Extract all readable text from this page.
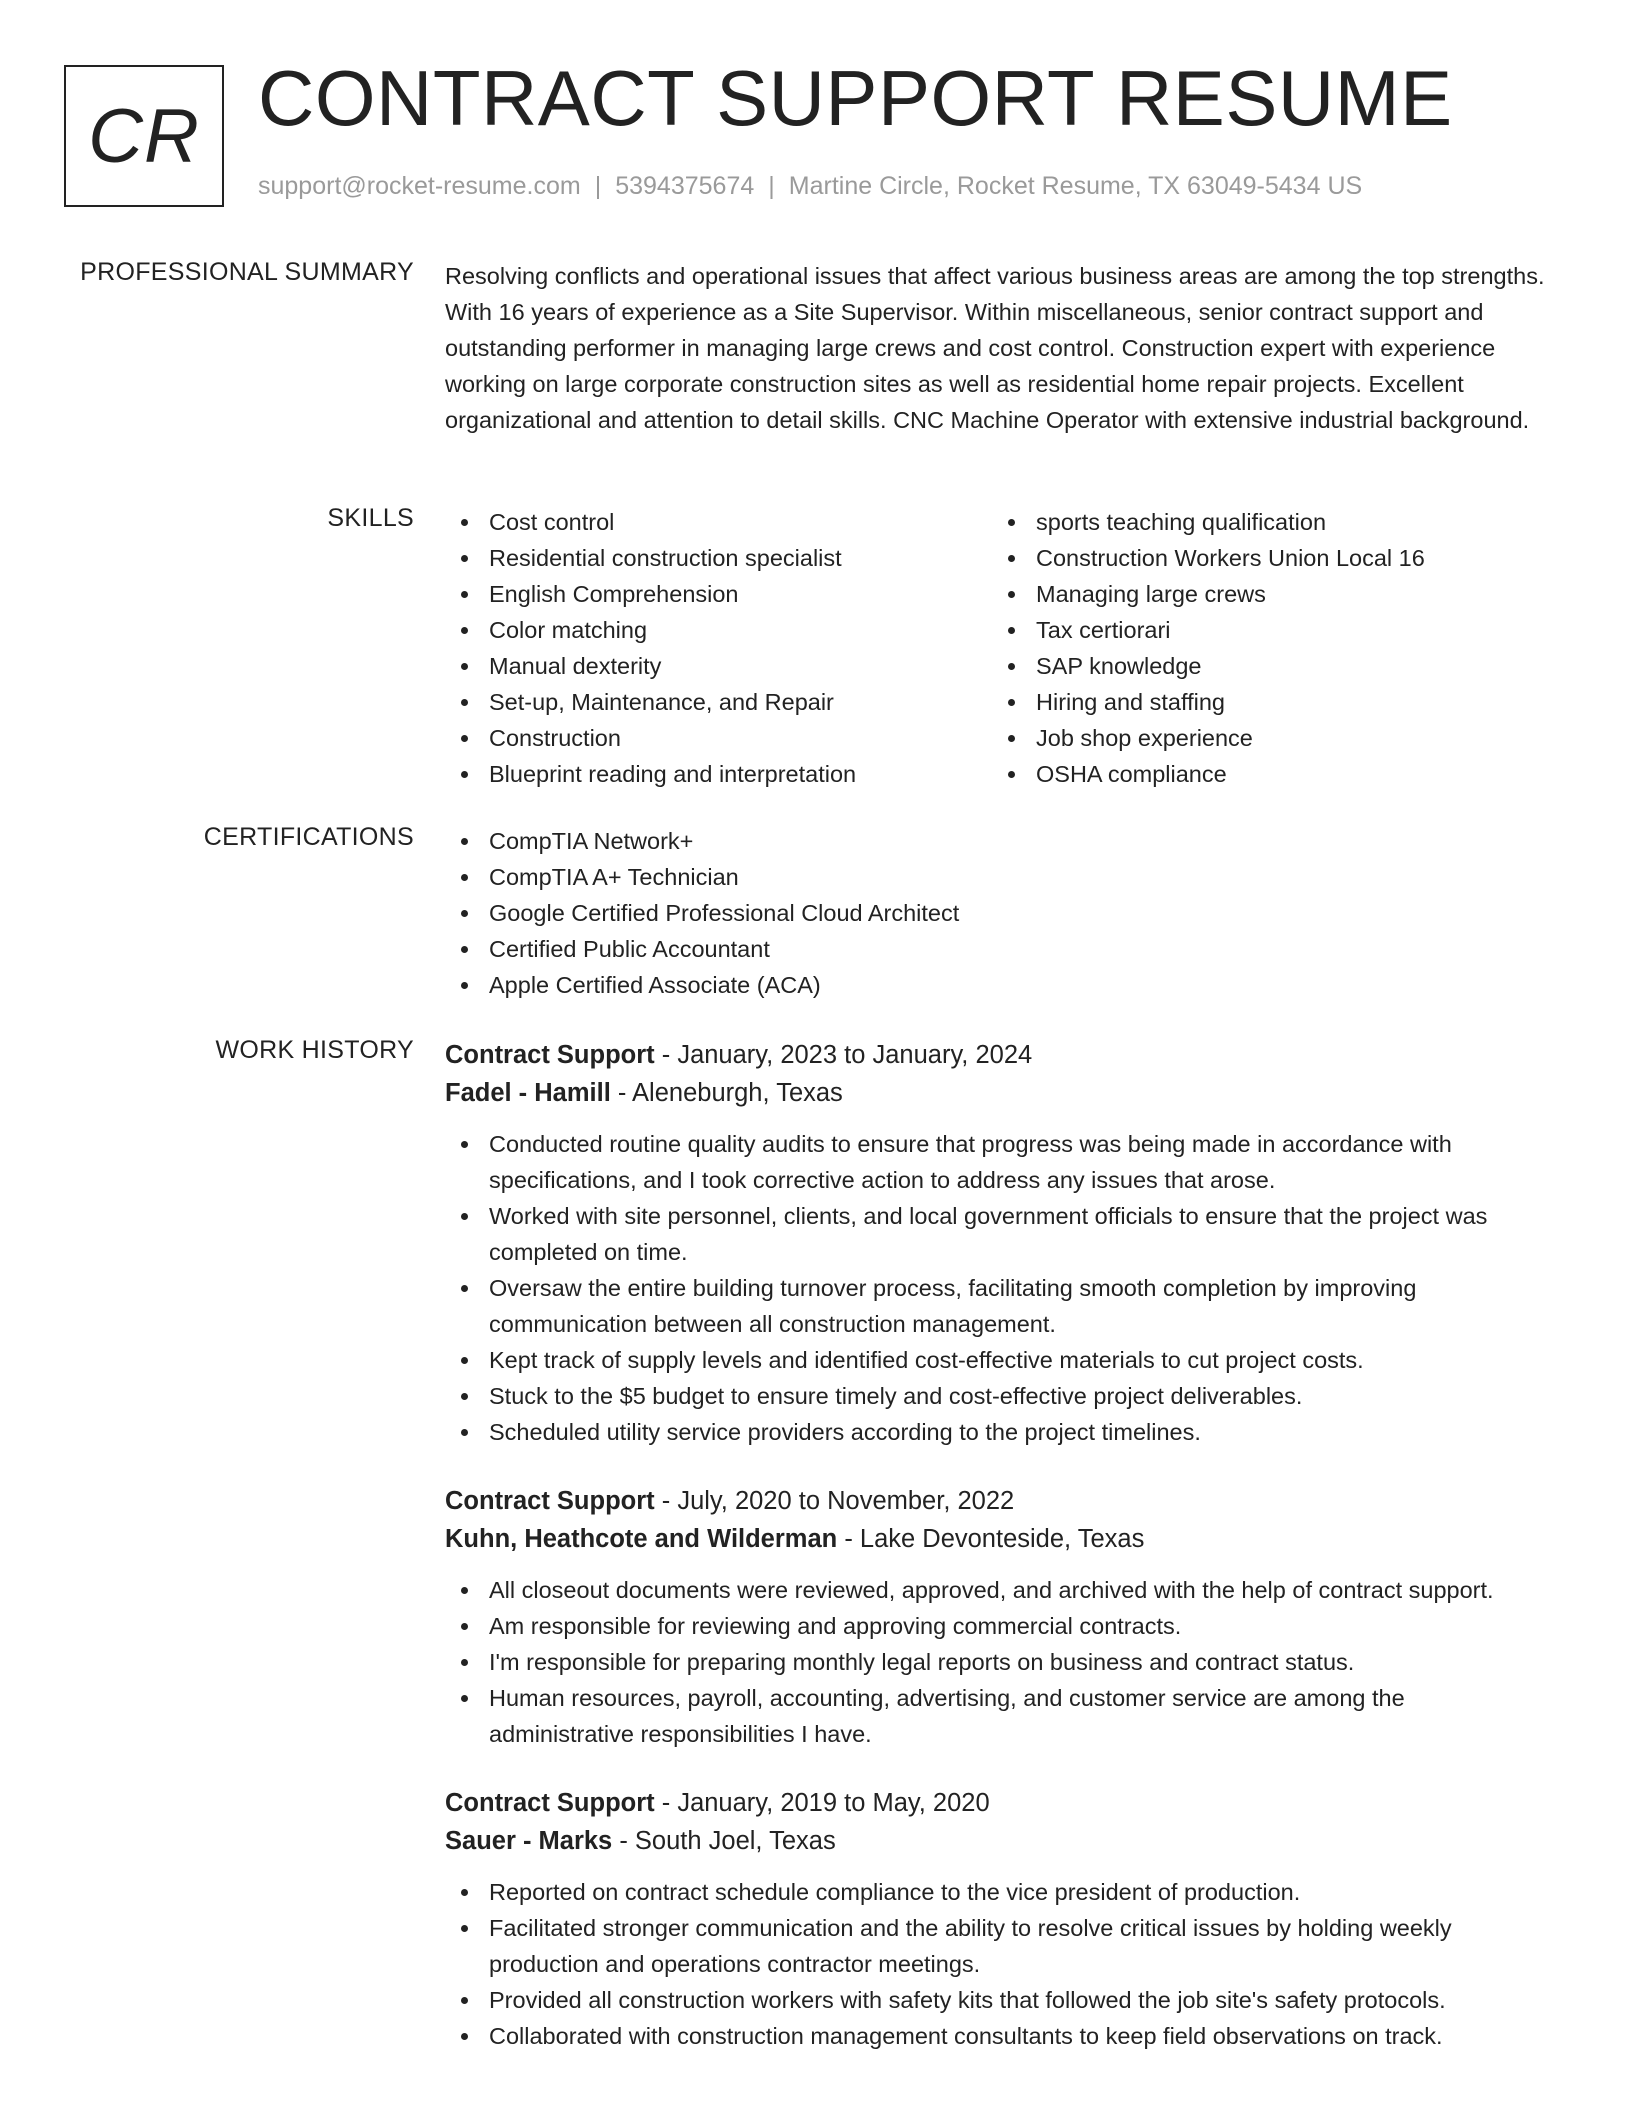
CR CONTRACT SUPPORT RESUME
support@rocket-resume.com | 5394375674 | Martine Circle, Rocket Resume, TX 63049-5434 US
PROFESSIONAL SUMMARY Resolving conflicts and operational issues that affect various business areas are among the top strengths. With 16 years of experience as a Site Supervisor. Within miscellaneous, senior contract support and outstanding performer in managing large crews and cost control. Construction expert with experience working on large corporate construction sites as well as residential home repair projects. Excellent organizational and attention to detail skills. CNC Machine Operator with extensive industrial background.

SKILLS	Cost control
Residential construction specialist
English Comprehension
Color matching
Manual dexterity
Set-up, Maintenance, and Repair
Construction
Blueprint reading and interpretation
sports teaching qualification
Construction Workers Union Local 16
Managing large crews
Tax certiorari
SAP knowledge
Hiring and staffing
Job shop experience
OSHA compliance
CERTIFICATIONS	CompTIA Network+
CompTIA A+ Technician
Google Certified Professional Cloud Architect
Certified Public Accountant
Apple Certified Associate (ACA)
WORK HISTORY Contract Support - January, 2023 to January, 2024
Fadel - Hamill - Aleneburgh, Texas
Conducted routine quality audits to ensure that progress was being made in accordance with specifications, and I took corrective action to address any issues that arose.
Worked with site personnel, clients, and local government officials to ensure that the project was completed on time.
Oversaw the entire building turnover process, facilitating smooth completion by improving communication between all construction management.
Kept track of supply levels and identified cost-effective materials to cut project costs.
Stuck to the $5 budget to ensure timely and cost-effective project deliverables.
Scheduled utility service providers according to the project timelines.
Contract Support - July, 2020 to November, 2022
Kuhn, Heathcote and Wilderman - Lake Devonteside, Texas
All closeout documents were reviewed, approved, and archived with the help of contract support.
Am responsible for reviewing and approving commercial contracts.
I'm responsible for preparing monthly legal reports on business and contract status.
Human resources, payroll, accounting, advertising, and customer service are among the administrative responsibilities I have.
Contract Support - January, 2019 to May, 2020
Sauer - Marks - South Joel, Texas
Reported on contract schedule compliance to the vice president of production.
Facilitated stronger communication and the ability to resolve critical issues by holding weekly production and operations contractor meetings.
Provided all construction workers with safety kits that followed the job site's safety protocols.
Collaborated with construction management consultants to keep field observations on track.
